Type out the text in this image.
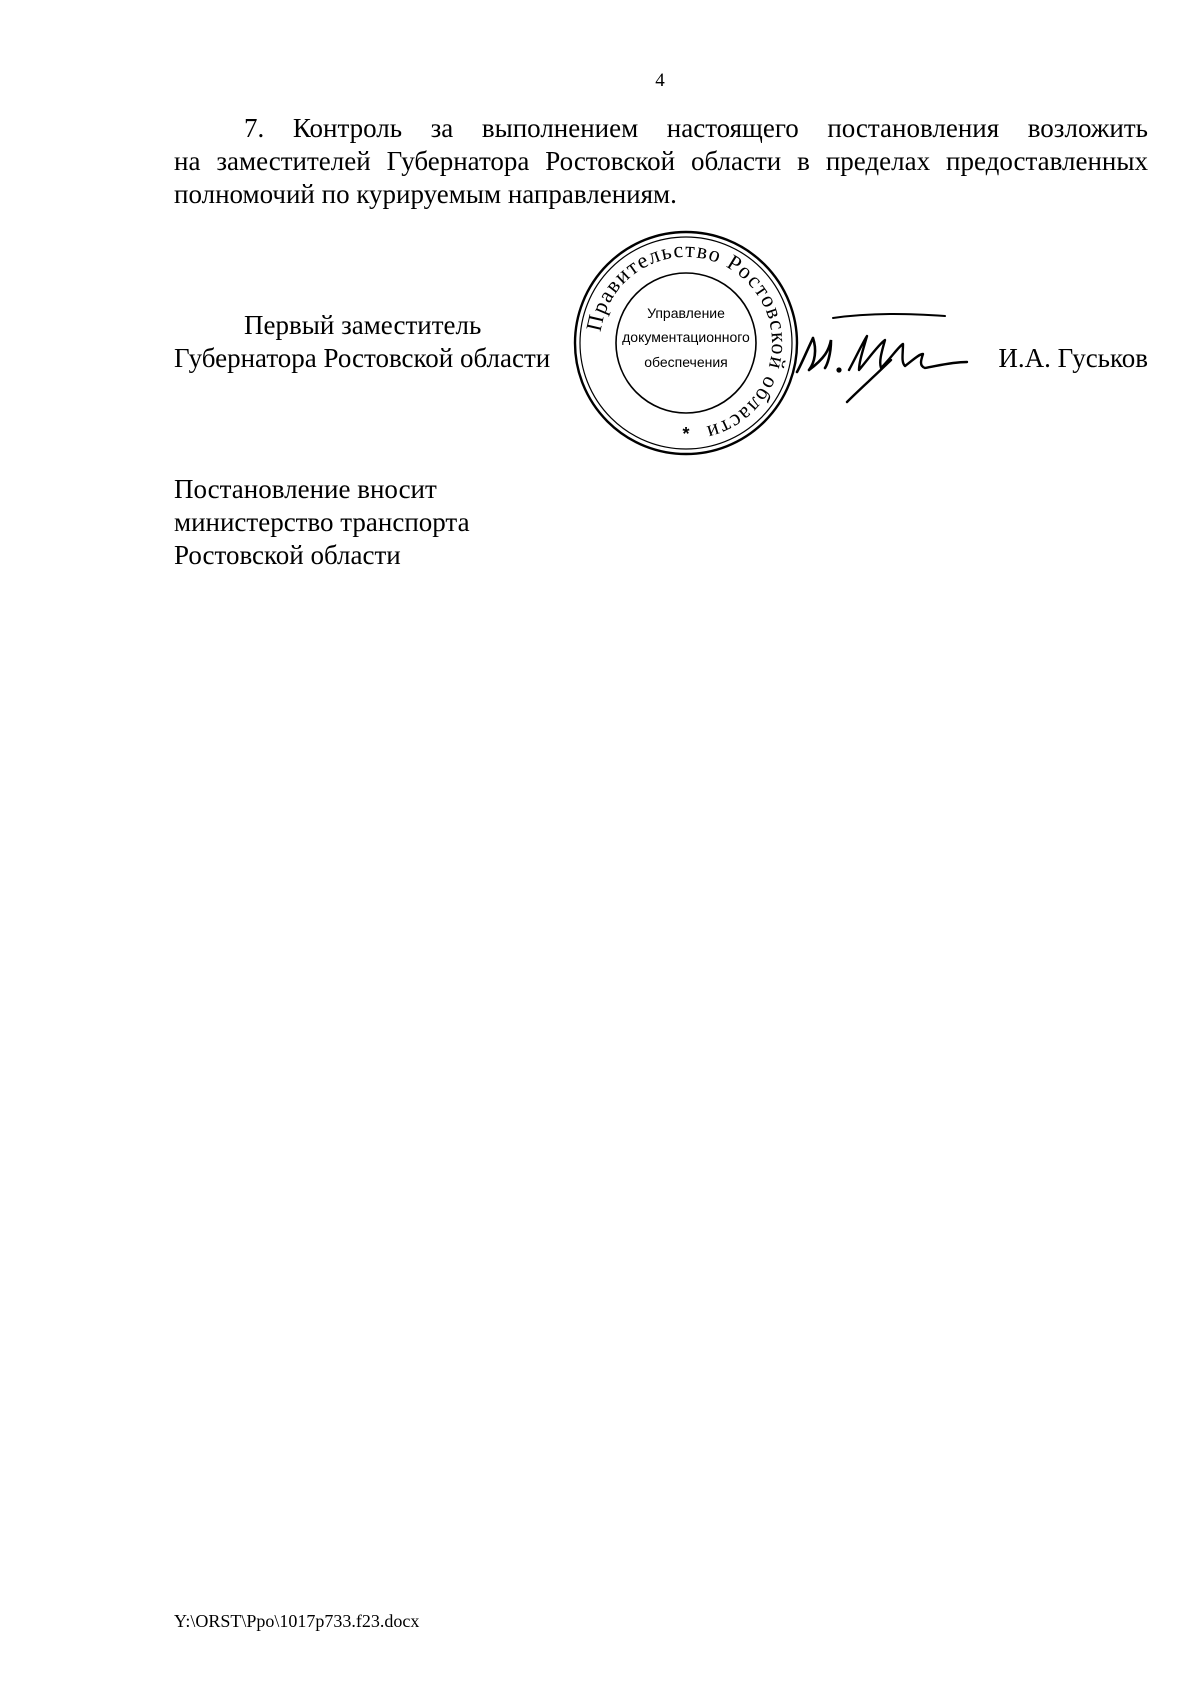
4
7. Контроль за выполнением настоящего постановления возложить
на заместителей Губернатора Ростовской области в пределах предоставленных
полномочий по курируемым направлениям.
Первый заместитель
Губернатора Ростовской области
Правительство Ростовской области
Управление
документационного
обеспечения
*
И.А. Гуськов
Постановление вносит
министерство транспорта
Ростовской области
Y:\ORST\Ppo\1017p733.f23.docx
